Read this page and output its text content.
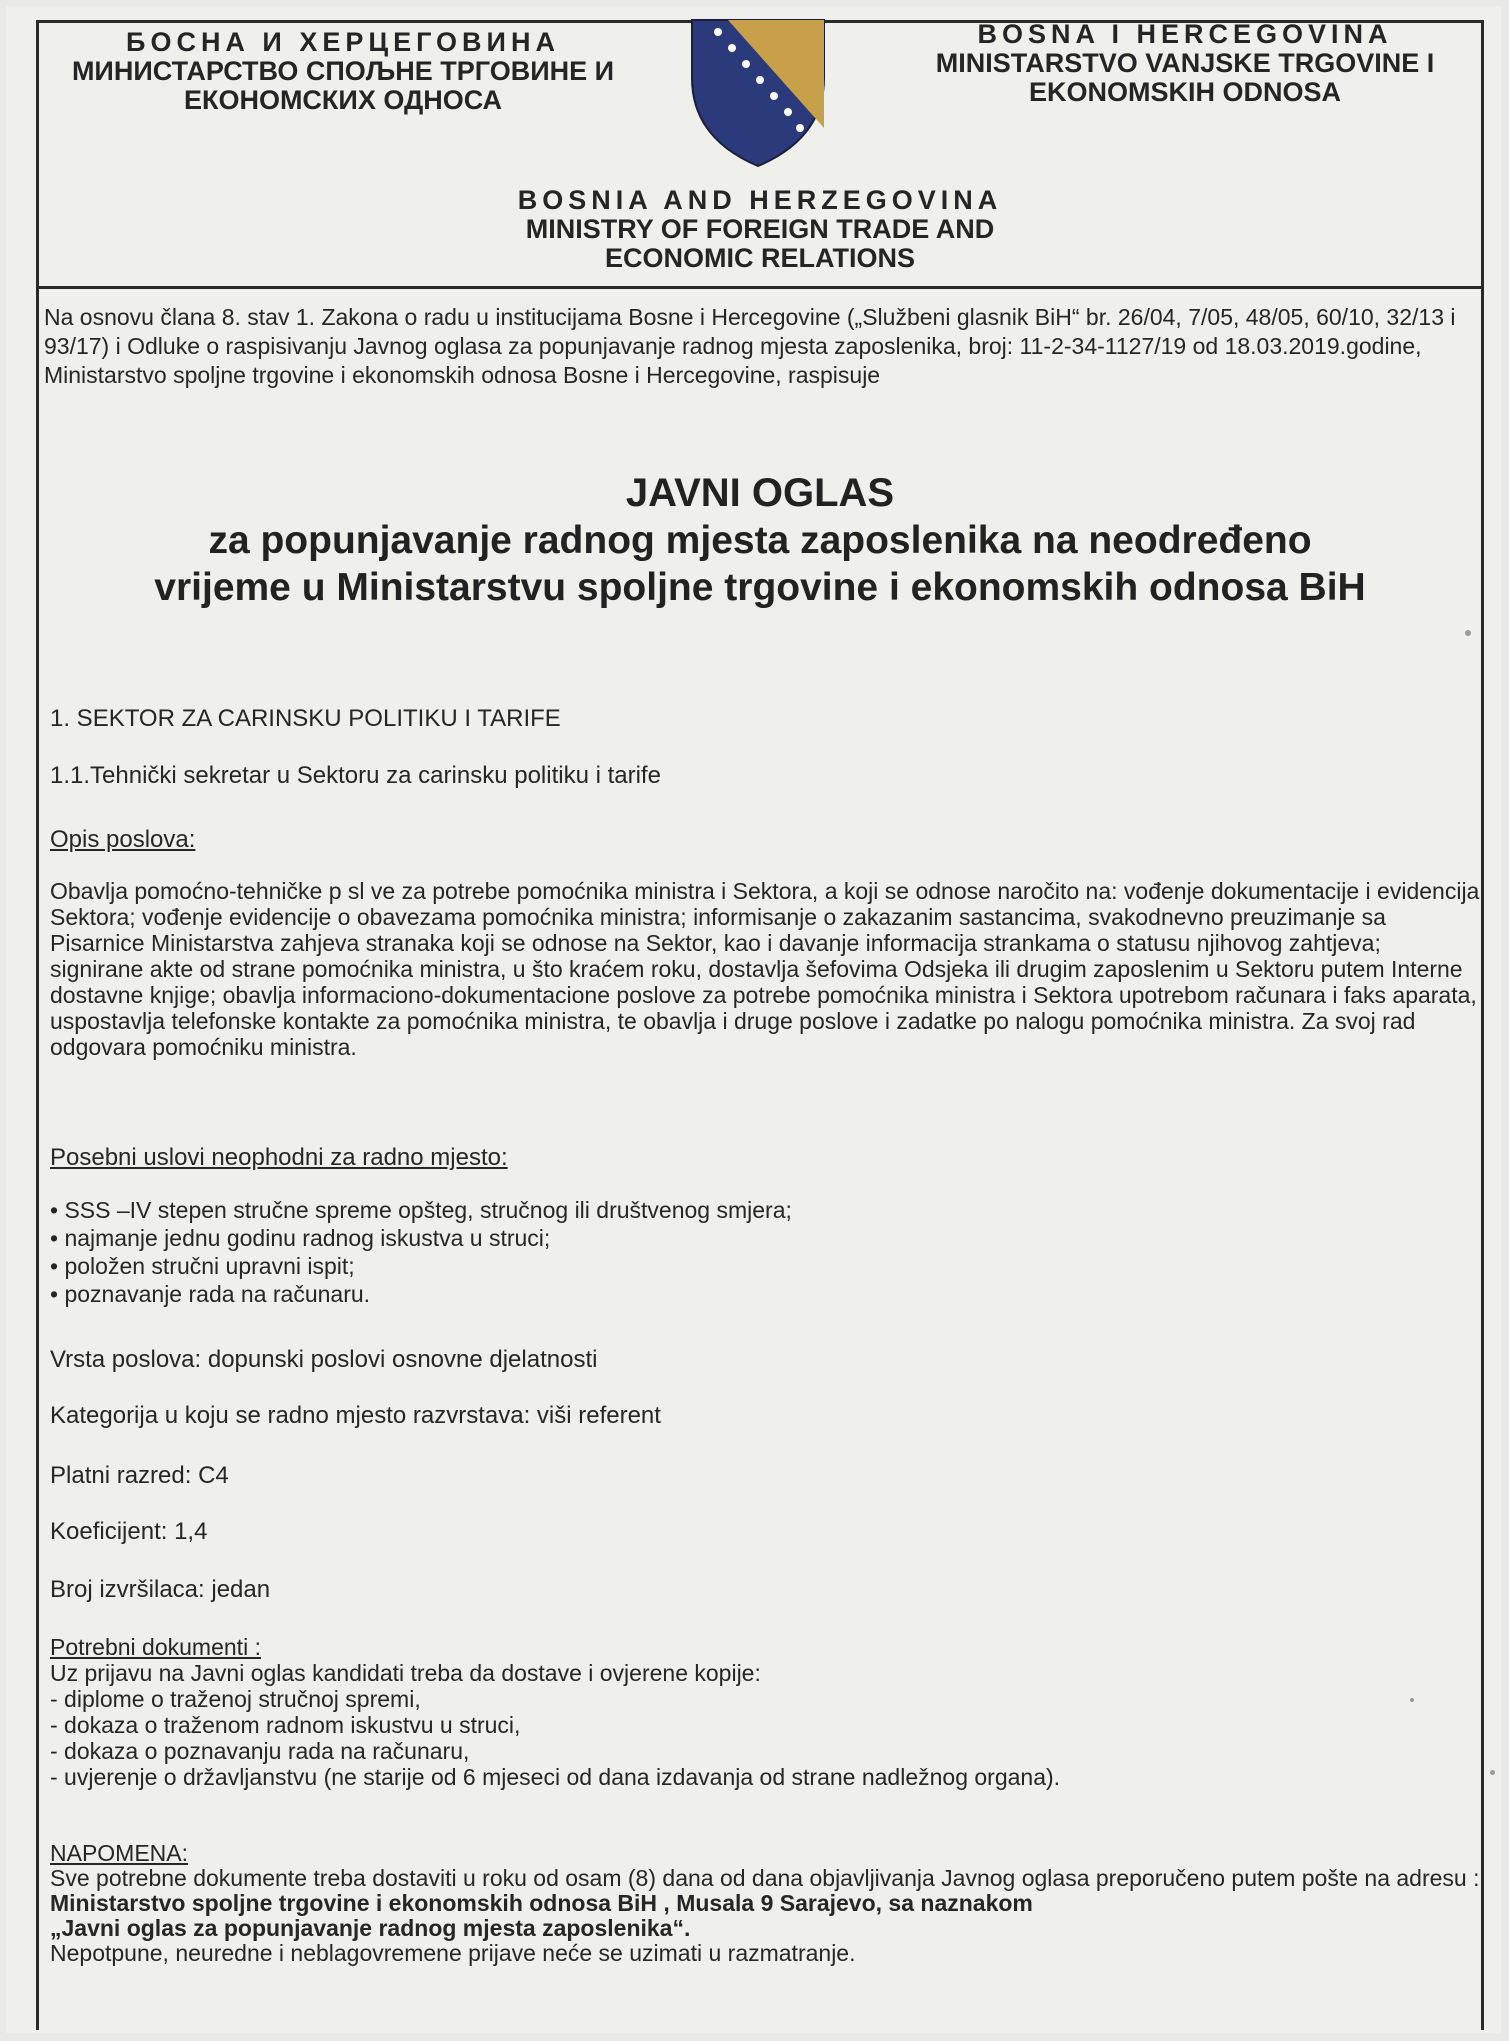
БОСНА И ХЕРЦЕГОВИНА
МИНИСТАРСТВО СПОЉНЕ ТРГОВИНЕ И
ЕКОНОМСКИХ ОДНОСА
BOSNA I HERCEGOVINA
MINISTARSTVO VANJSKE TRGOVINE I
EKONOMSKIH ODNOSA
BOSNIA AND HERZEGOVINA
MINISTRY OF FOREIGN TRADE AND
ECONOMIC RELATIONS
Na osnovu člana 8. stav 1. Zakona o radu u institucijama Bosne i Hercegovine („Službeni glasnik BiH“ br. 26/04, 7/05, 48/05, 60/10, 32/13 i 93/17) i Odluke o raspisivanju Javnog oglasa za popunjavanje radnog mjesta zaposlenika, broj: 11-2-34-1127/19 od 18.03.2019.godine, Ministarstvo spoljne trgovine i ekonomskih odnosa Bosne i Hercegovine, raspisuje
JAVNI OGLAS
za popunjavanje radnog mjesta zaposlenika na neodređeno
vrijeme u Ministarstvu spoljne trgovine i ekonomskih odnosa BiH
1. SEKTOR ZA CARINSKU POLITIKU I TARIFE
1.1.Tehnički sekretar u Sektoru za carinsku politiku i tarife
Opis poslova:
Obavlja pomoćno-tehničke p sl ve za potrebe pomoćnika ministra i Sektora, a koji se odnose naročito na: vođenje dokumentacije i evidencija Sektora; vođenje evidencije o obavezama pomoćnika ministra; informisanje o zakazanim sastancima, svakodnevno preuzimanje sa Pisarnice Ministarstva zahjeva stranaka koji se odnose na Sektor, kao i davanje informacija strankama o statusu njihovog zahtjeva; signirane akte od strane pomoćnika ministra, u što kraćem roku, dostavlja šefovima Odsjeka ili drugim zaposlenim u Sektoru putem Interne dostavne knjige; obavlja informaciono-dokumentacione poslove za potrebe pomoćnika ministra i Sektora upotrebom računara i faks aparata, uspostavlja telefonske kontakte za pomoćnika ministra, te obavlja i druge poslove i zadatke po nalogu pomoćnika ministra. Za svoj rad odgovara pomoćniku ministra.
Posebni uslovi neophodni za radno mjesto:
• SSS –IV stepen stručne spreme opšteg, stručnog ili društvenog smjera;
• najmanje jednu godinu radnog iskustva u struci;
• položen stručni upravni ispit;
• poznavanje rada na računaru.
Vrsta poslova: dopunski poslovi osnovne djelatnosti
Kategorija u koju se radno mjesto razvrstava: viši referent
Platni razred: C4
Koeficijent: 1,4
Broj izvršilaca: jedan
Potrebni dokumenti :
Uz prijavu na Javni oglas kandidati treba da dostave i ovjerene kopije:
- diplome o traženoj stručnoj spremi,
- dokaza o traženom radnom iskustvu u struci,
- dokaza o poznavanju rada na računaru,
- uvjerenje o državljanstvu (ne starije od 6 mjeseci od dana izdavanja od strane nadležnog organa).
NAPOMENA:
Sve potrebne dokumente treba dostaviti u roku od osam (8) dana od dana objavljivanja Javnog oglasa preporučeno putem pošte na adresu :
Ministarstvo spoljne trgovine i ekonomskih odnosa BiH , Musala 9 Sarajevo, sa naznakom
„Javni oglas za popunjavanje radnog mjesta zaposlenika“.
Nepotpune, neuredne i neblagovremene prijave neće se uzimati u razmatranje.
